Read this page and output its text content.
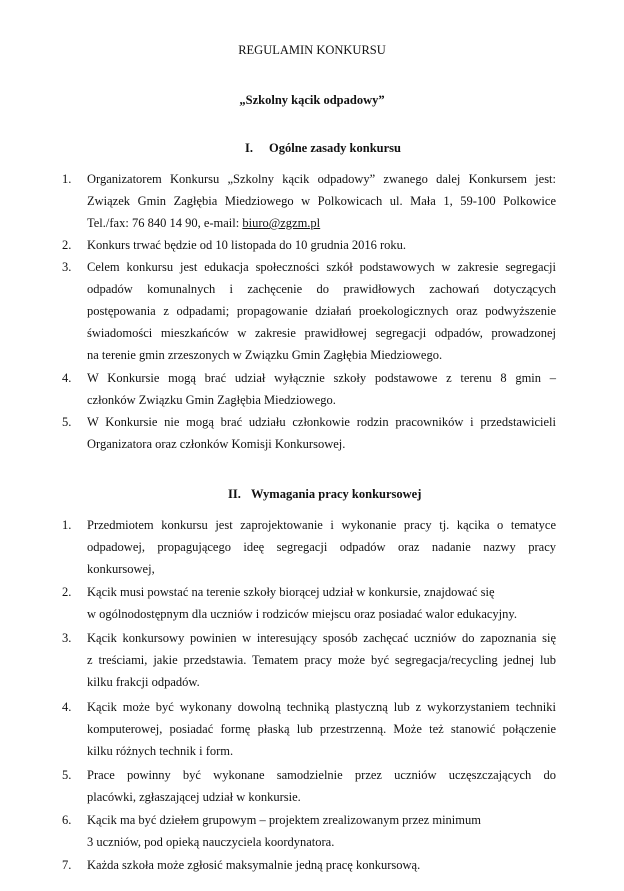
REGULAMIN KONKURSU
„Szkolny kącik odpadowy”
I. Ogólne zasady konkursu
1. Organizatorem Konkursu „Szkolny kącik odpadowy” zwanego dalej Konkursem jest:
Związek Gmin Zagłębia Miedziowego w Polkowicach ul. Mała 1, 59-100 Polkowice
Tel./fax: 76 840 14 90, e-mail: biuro@zgzm.pl
2. Konkurs trwać będzie od 10 listopada do 10 grudnia 2016 roku.
3. Celem konkursu jest edukacja społeczności szkół podstawowych w zakresie segregacji
odpadów komunalnych i zachęcenie do prawidłowych zachowań dotyczących
postępowania z odpadami; propagowanie działań proekologicznych oraz podwyższenie
świadomości mieszkańców w zakresie prawidłowej segregacji odpadów, prowadzonej
na terenie gmin zrzeszonych w Związku Gmin Zagłębia Miedziowego.
4. W Konkursie mogą brać udział wyłącznie szkoły podstawowe z terenu 8 gmin –
członków Związku Gmin Zagłębia Miedziowego.
5. W Konkursie nie mogą brać udziału członkowie rodzin pracowników i przedstawicieli
Organizatora oraz członków Komisji Konkursowej.
II. Wymagania pracy konkursowej
1. Przedmiotem konkursu jest zaprojektowanie i wykonanie pracy tj. kącika o tematyce
odpadowej, propagującego ideę segregacji odpadów oraz nadanie nazwy pracy
konkursowej,
2. Kącik musi powstać na terenie szkoły biorącej udział w konkursie, znajdować się
w ogólnodostępnym dla uczniów i rodziców miejscu oraz posiadać walor edukacyjny.
3. Kącik konkursowy powinien w interesujący sposób zachęcać uczniów do zapoznania się
z treściami, jakie przedstawia. Tematem pracy może być segregacja/recycling jednej lub
kilku frakcji odpadów.
4. Kącik może być wykonany dowolną techniką plastyczną lub z wykorzystaniem techniki
komputerowej, posiadać formę płaską lub przestrzenną. Może też stanowić połączenie
kilku różnych technik i form.
5. Prace powinny być wykonane samodzielnie przez uczniów uczęszczających do
placówki, zgłaszającej udział w konkursie.
6. Kącik ma być dziełem grupowym – projektem zrealizowanym przez minimum
3 uczniów, pod opieką nauczyciela koordynatora.
7. Każda szkoła może zgłosić maksymalnie jedną pracę konkursową.
